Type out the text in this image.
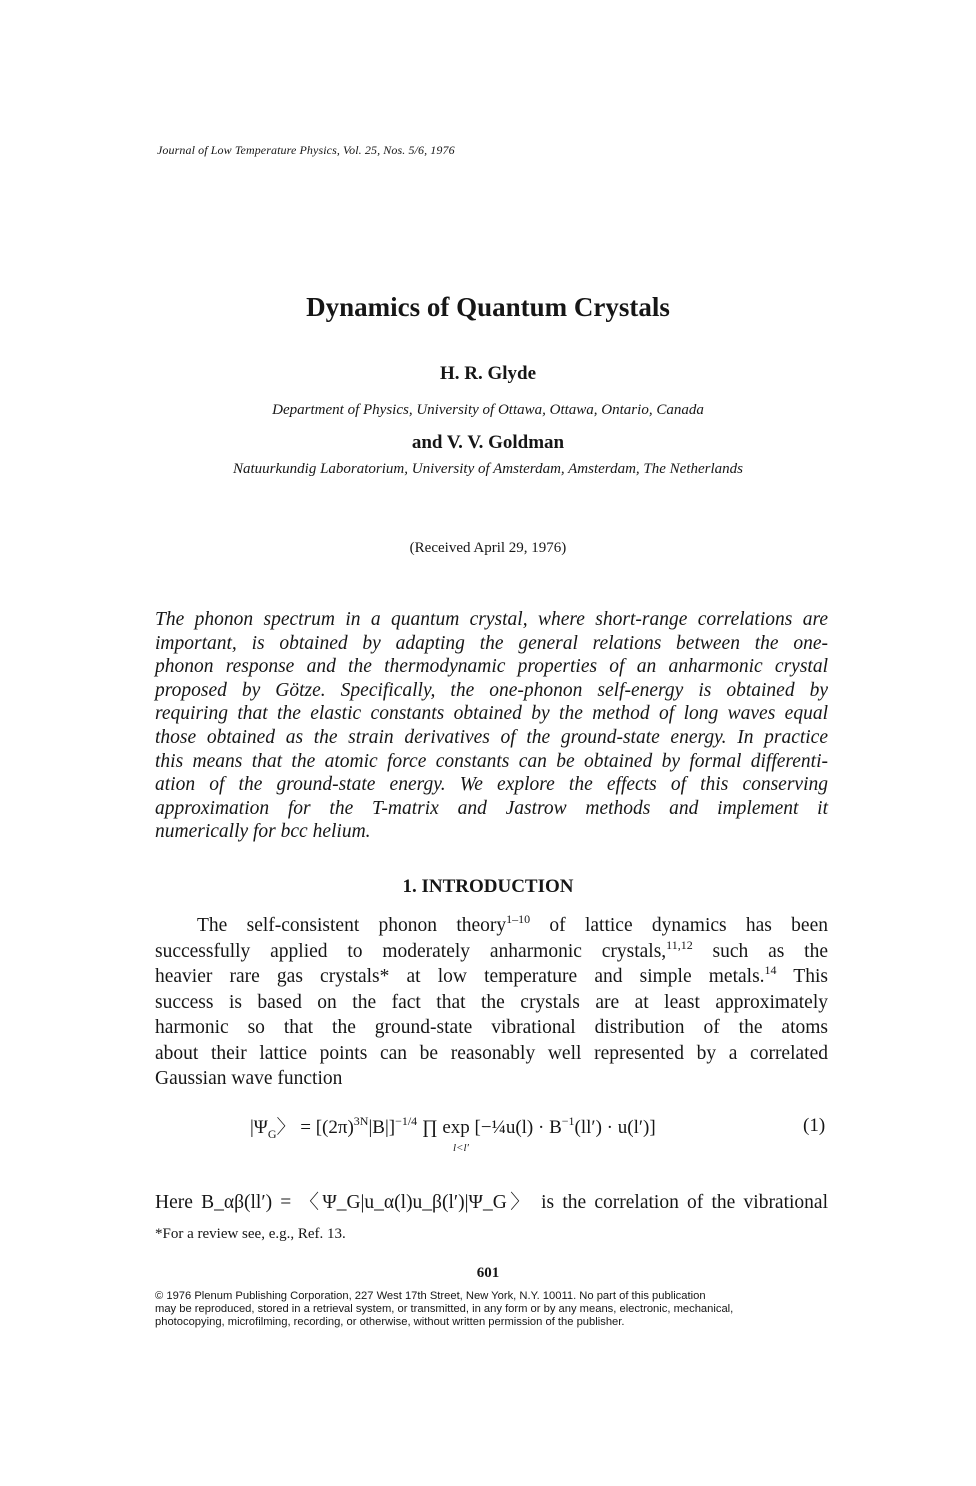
Journal of Low Temperature Physics, Vol. 25, Nos. 5/6, 1976
Dynamics of Quantum Crystals
H. R. Glyde
Department of Physics, University of Ottawa, Ottawa, Ontario, Canada
and V. V. Goldman
Natuurkundig Laboratorium, University of Amsterdam, Amsterdam, The Netherlands
(Received April 29, 1976)
The phonon spectrum in a quantum crystal, where short-range correlations are
important, is obtained by adapting the general relations between the one-
phonon response and the thermodynamic properties of an anharmonic crystal
proposed by Götze. Specifically, the one-phonon self-energy is obtained by
requiring that the elastic constants obtained by the method of long waves equal
those obtained as the strain derivatives of the ground-state energy. In practice
this means that the atomic force constants can be obtained by formal differenti-
ation of the ground-state energy. We explore the effects of this conserving
approximation for the T-matrix and Jastrow methods and implement it
numerically for bcc helium.
1. INTRODUCTION
The self-consistent phonon theory$^{1-10}$ of lattice dynamics has been
successfully applied to moderately anharmonic crystals,$^{11,12}$ such as the
heavier rare gas crystals* at low temperature and simple metals.$^{14}$ This
success is based on the fact that the crystals are at least approximately
harmonic so that the ground-state vibrational distribution of the atoms
about their lattice points can be reasonably well represented by a correlated
Gaussian wave function
$|\Psi_G$〉 = $[(2\pi)^{3N}|B|]^{-1/4}$ ∏ exp [−¼u(l) · $B^{-1}(ll') \cdot u(l')$]
l<l′
(1)
Here B_αβ(ll′) = 〈Ψ_G|u_α(l)u_β(l′)|Ψ_G〉 is the correlation of the vibrational
*For a review see, e.g., Ref. 13.
601
© 1976 Plenum Publishing Corporation, 227 West 17th Street, New York, N.Y. 10011. No part of this publication
may be reproduced, stored in a retrieval system, or transmitted, in any form or by any means, electronic, mechanical,
photocopying, microfilming, recording, or otherwise, without written permission of the publisher.
